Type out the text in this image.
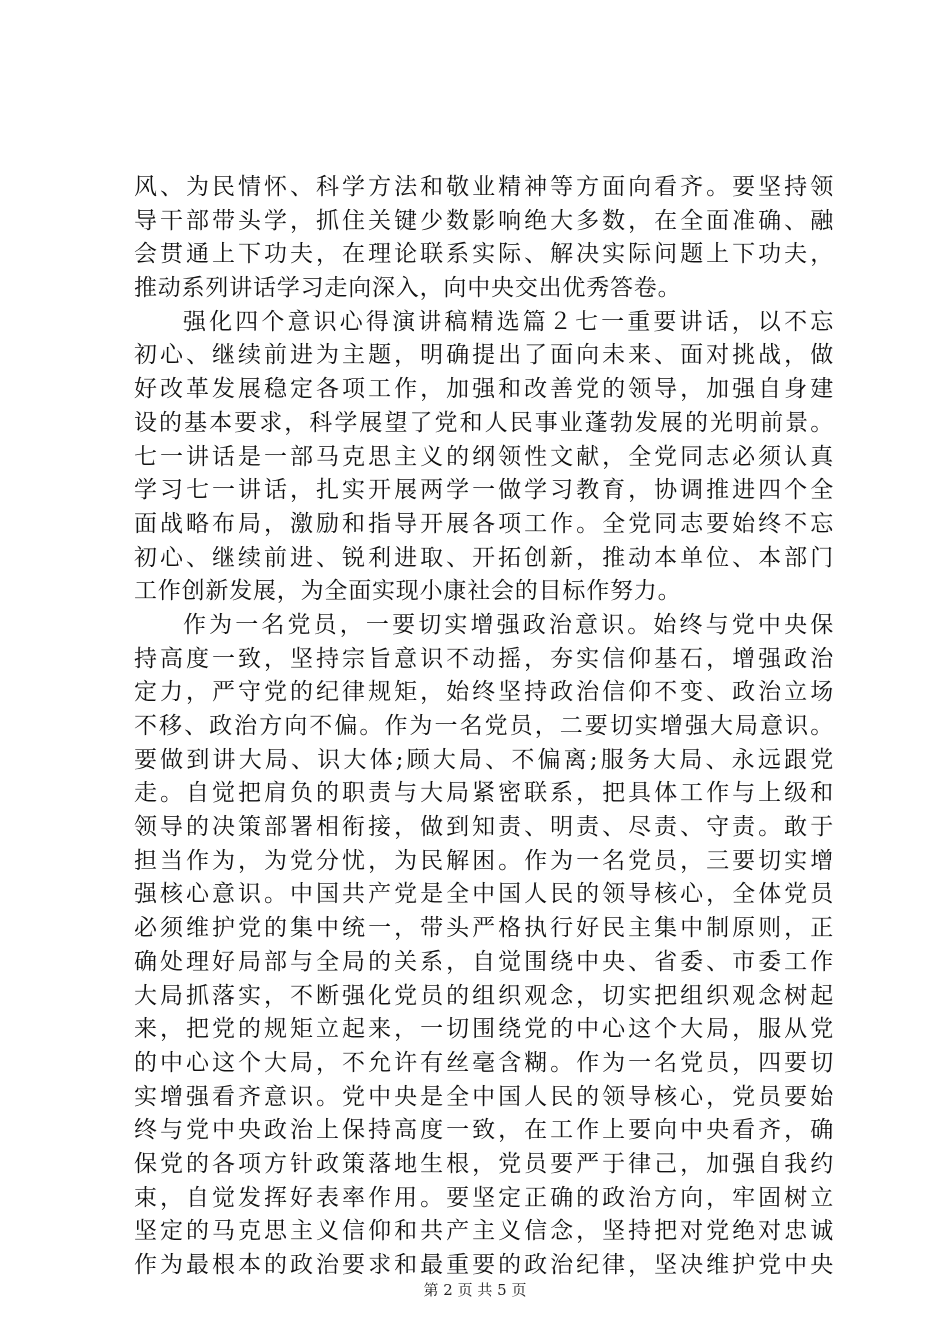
风、为民情怀、科学方法和敬业精神等方面向看齐。要坚持领
导干部带头学，抓住关键少数影响绝大多数，在全面准确、融
会贯通上下功夫，在理论联系实际、解决实际问题上下功夫，
推动系列讲话学习走向深入，向中央交出优秀答卷。
强化四个意识心得演讲稿精选篇２七一重要讲话，以不忘
初心、继续前进为主题，明确提出了面向未来、面对挑战，做
好改革发展稳定各项工作，加强和改善党的领导，加强自身建
设的基本要求，科学展望了党和人民事业蓬勃发展的光明前景。
七一讲话是一部马克思主义的纲领性文献，全党同志必须认真
学习七一讲话，扎实开展两学一做学习教育，协调推进四个全
面战略布局，激励和指导开展各项工作。全党同志要始终不忘
初心、继续前进、锐利进取、开拓创新，推动本单位、本部门
工作创新发展，为全面实现小康社会的目标作努力。
作为一名党员，一要切实增强政治意识。始终与党中央保
持高度一致，坚持宗旨意识不动摇，夯实信仰基石，增强政治
定力，严守党的纪律规矩，始终坚持政治信仰不变、政治立场
不移、政治方向不偏。作为一名党员，二要切实增强大局意识。
要做到讲大局、识大体;顾大局、不偏离;服务大局、永远跟党
走。自觉把肩负的职责与大局紧密联系，把具体工作与上级和
领导的决策部署相衔接，做到知责、明责、尽责、守责。敢于
担当作为，为党分忧，为民解困。作为一名党员，三要切实增
强核心意识。中国共产党是全中国人民的领导核心，全体党员
必须维护党的集中统一，带头严格执行好民主集中制原则，正
确处理好局部与全局的关系，自觉围绕中央、省委、市委工作
大局抓落实，不断强化党员的组织观念，切实把组织观念树起
来，把党的规矩立起来，一切围绕党的中心这个大局，服从党
的中心这个大局，不允许有丝毫含糊。作为一名党员，四要切
实增强看齐意识。党中央是全中国人民的领导核心，党员要始
终与党中央政治上保持高度一致，在工作上要向中央看齐，确
保党的各项方针政策落地生根，党员要严于律己，加强自我约
束，自觉发挥好表率作用。要坚定正确的政治方向，牢固树立
坚定的马克思主义信仰和共产主义信念，坚持把对党绝对忠诚
作为最根本的政治要求和最重要的政治纪律，坚决维护党中央
第 2 页 共 5 页
